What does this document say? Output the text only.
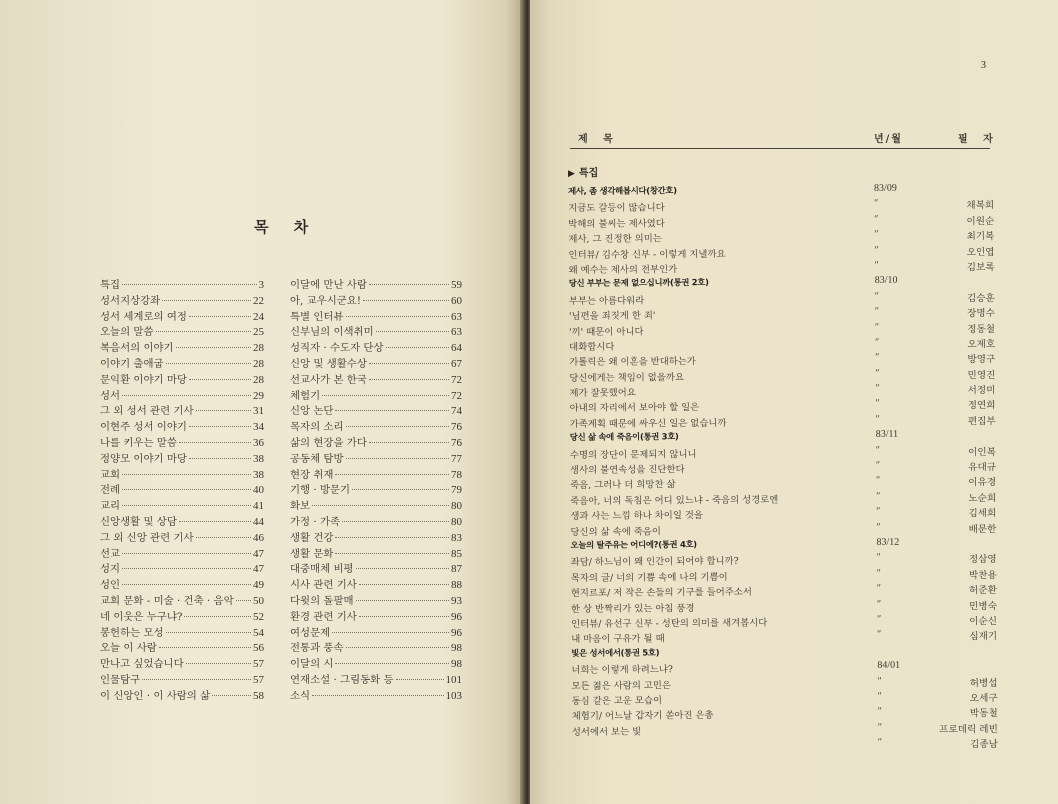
목 차
특집	3
성서지상강좌	22
성서 세계로의 여정	24
오늘의 말씀	25
복음서의 이야기	28
이야기 출애굽	28
문익환 이야기 마당	28
성서	29
그 외 성서 관련 기사	31
이현주 성서 이야기	34
나를 키우는 말씀	36
정양모 이야기 마당	38
교회	38
전례	40
교리	41
신앙생활 및 상담	44
그 외 신앙 관련 기사	46
선교	47
성지	47
성인	49
교회 문화 - 미술 · 건축 · 음악 50
네 이웃은 누구냐?	52
봉헌하는 모성	54
오늘 이 사람	56
만나고 싶었습니다	57
인물탐구	57
이 신앙인 · 이 사람의 삶	58
이달에 만난 사람	59
아, 교우시군요!	60
특별 인터뷰	63
신부님의 이색취미	63
성직자 · 수도자 단상	64
신앙 및 생활수상	67
선교사가 본 한국	72
체험기	72
신앙 논단	74
목자의 소리	76
삶의 현장을 가다	76
공동체 탐방	77
현장 취재	78
기행 · 방문기	79
화보	80
가정 · 가족	80
생활 건강	83
생활 문화	85
대중매체 비평	87
시사 관련 기사	88
다윗의 돌팔매	93
환경 관련 기사	96
여성문제	96
전통과 풍속	98
이달의 시	98
연재소설 · 그림동화 등	101
소식	103
3
제 목	년/월	필 자
▶ 특집
제사, 좀 생각해봅시다(창간호)	83/09
지금도 갈등이 많습니다	″	채복희
박해의 불씨는 제사였다	″	이원순
제사, 그 진정한 의미는	″	최기복
인터뷰/ 김수창 신부 - 이렇게 지낼까요	″	오인엽
왜 예수는 제사의 전부인가	″	김보록
당신 부부는 문제 없으십니까(통권 2호)	83/10
부부는 아름다워라	″	김승훈
'님편을 죄짓게 한 죄'	″	장명수
'끼' 때문이 아니다	″	정동철
대화합시다	″	오제호
가톨릭은 왜 이혼을 반대하는가	″	방영구
당신에게는 책임이 없을까요	″	민영진
제가 잘못했어요	″	서정미
아내의 자리에서 보아야 할 일은	″	정연희
가족계획 때문에 싸우신 일은 없습니까	″	편집부
당신 삶 속에 죽음이(통권 3호)	83/11
수명의 장단이 문제되지 않니니	″	이인복
생사의 불연속성을 진단한다	″	유대규
죽음, 그러나 더 희망찬 삶	″	이유경
죽음아, 너의 독침은 어디 있느냐 - 죽음의 성경로엔	″	노순희
생과 사는 느낌 하나 차이일 것을	″	김세희
당신의 삶 속에 죽음이	″	배문한
오늘의 탈주유는 어디에?(통권 4호)	83/12
좌담/ 하느님이 왜 인간이 되어야 합니까?	″	정삼영
목자의 글/ 너의 기쁨 속에 나의 기쁨이	″	박찬용
현지르포/ 저 작은 손들의 기구를 들어주소서	″	허준환
한 상 반짝리가 있는 아침 풍경	″	민병숙
인터뷰/ 유선구 신부 - 성탄의 의미를 새겨봅시다	″	이순신
내 마음이 구유가 될 때	″	심재기
빛은 성서에서(통권 5호)
너희는 이렇게 하려느냐?	84/01
모든 젊은 사람의 고민은	″	허병섭
동심 같은 고운 모습이	″	오세구
체험기/ 어느날 갑자기 쏟아진 은총	″	박동철
성서에서 보는 빛	″	프로데릭 레빈
″	김종남
